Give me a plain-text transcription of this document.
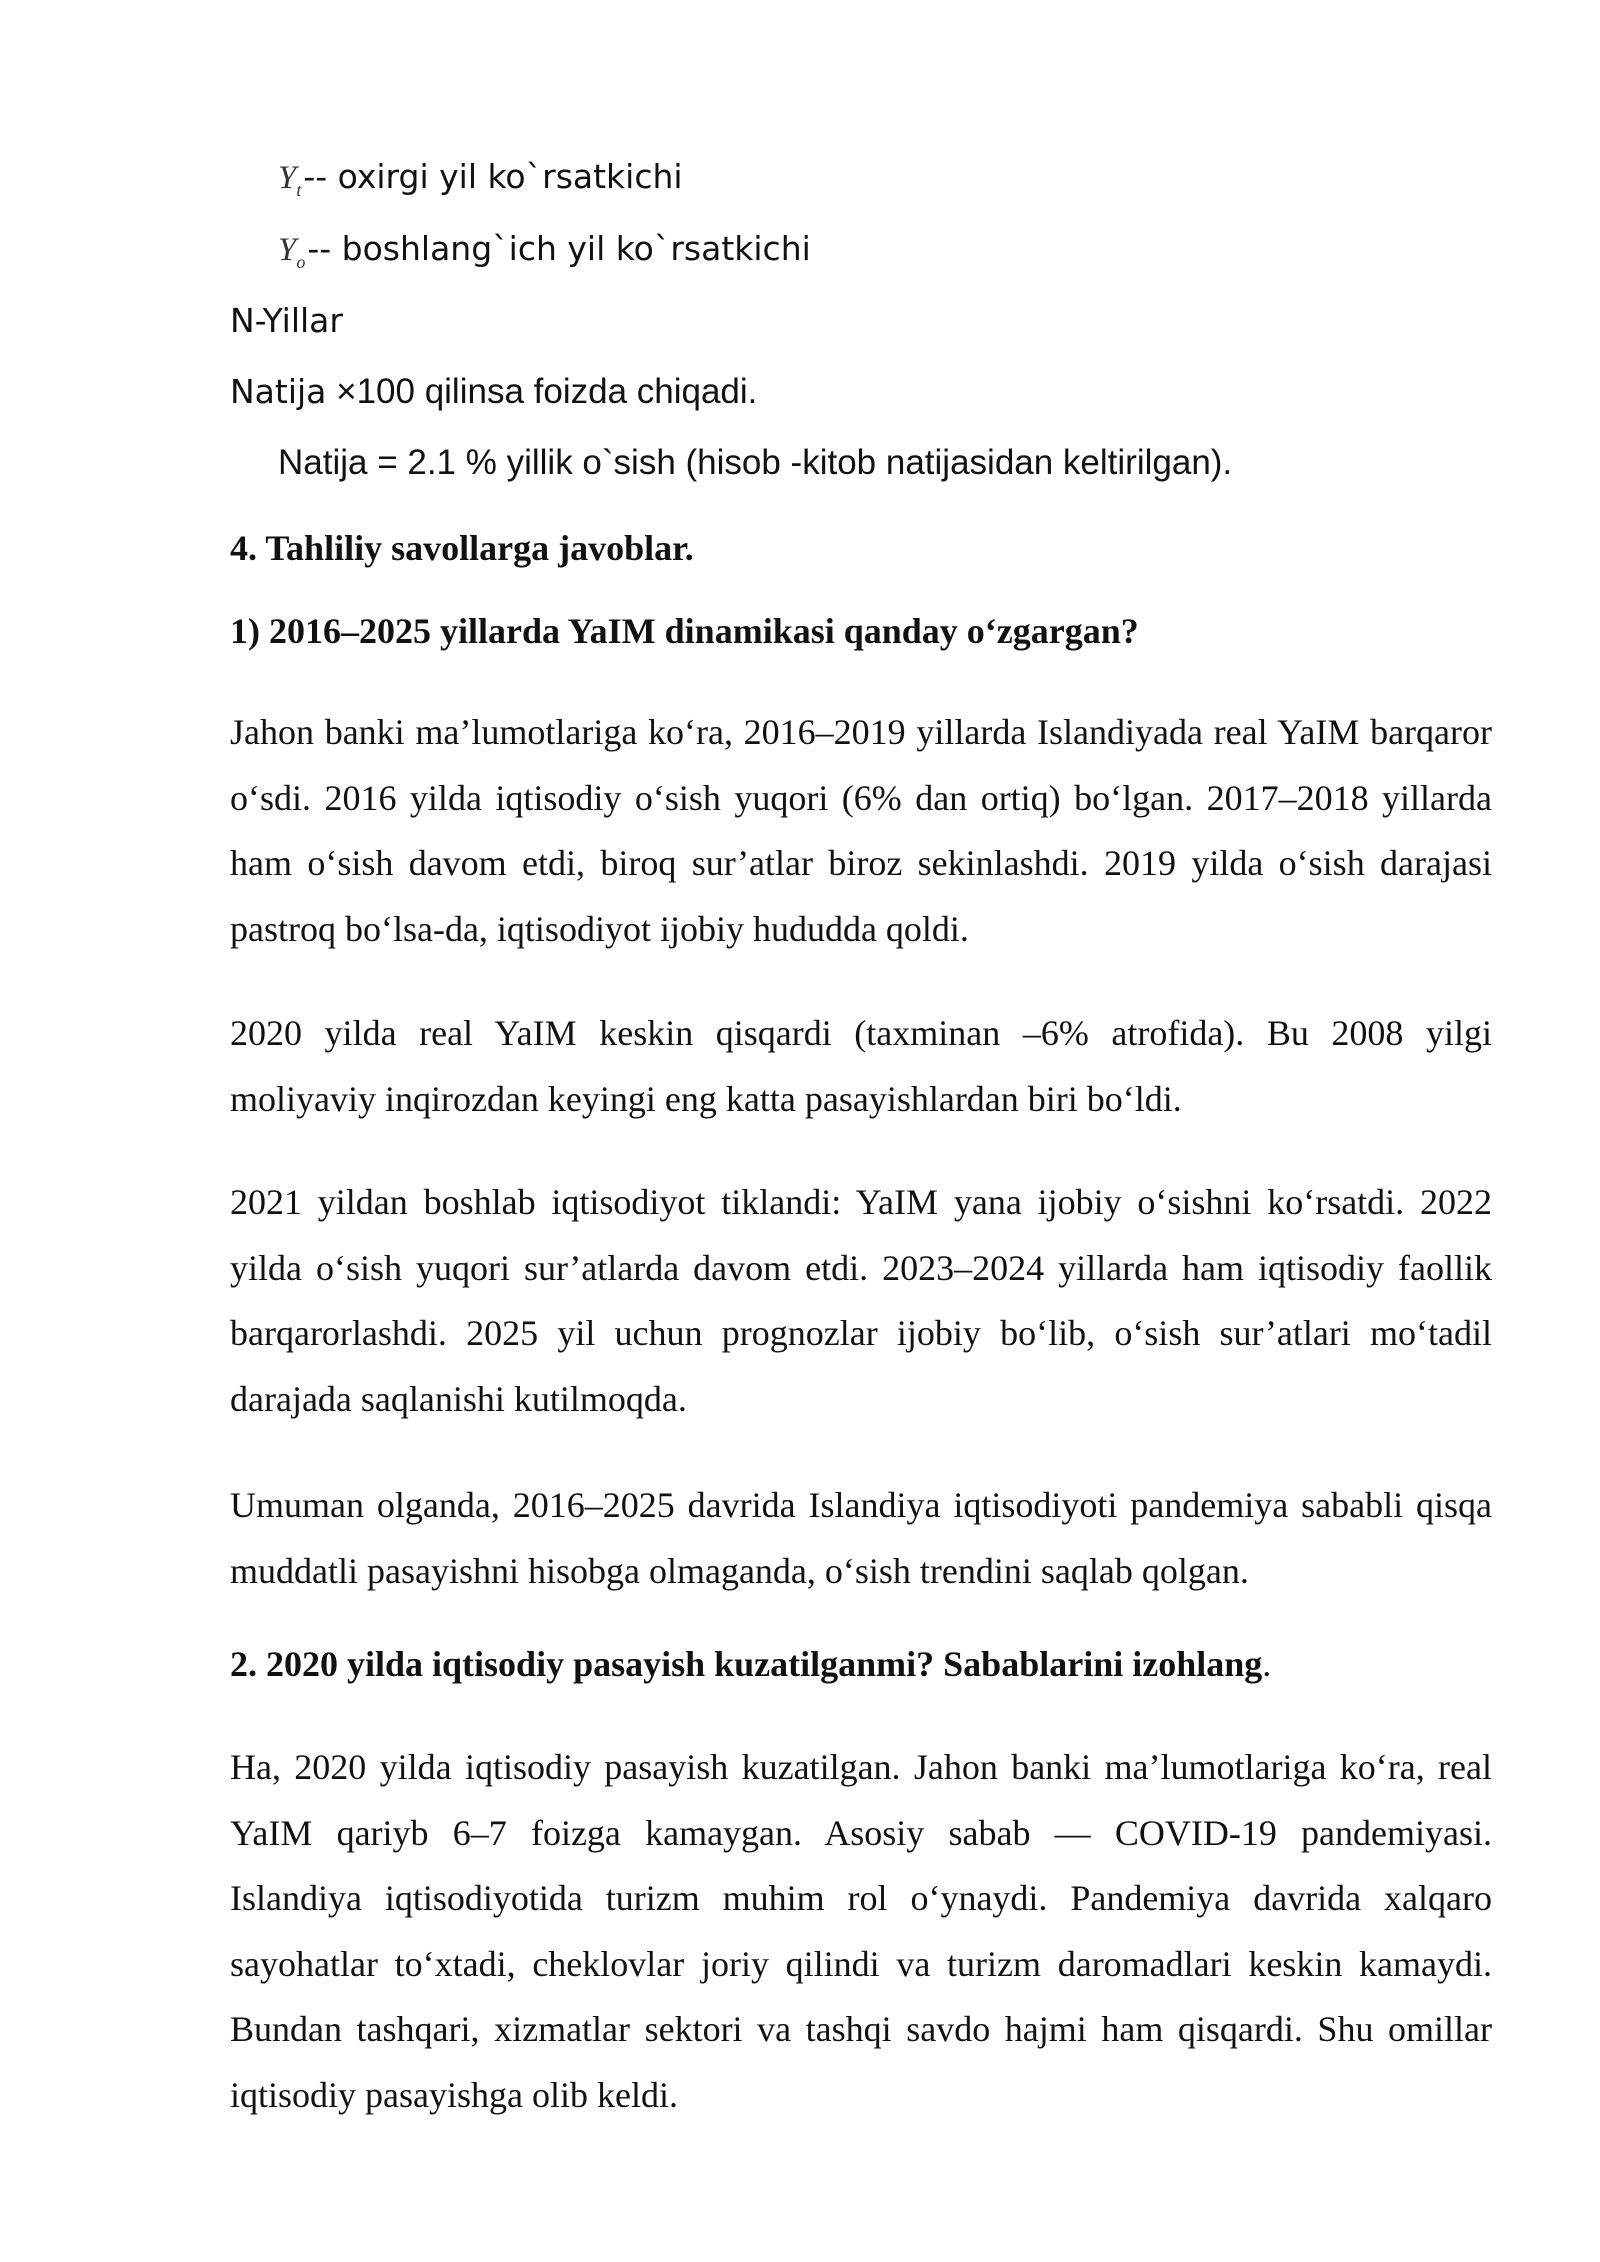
$Y_t--$ oxirgi yil ko`rsatkichi
$Y_o--$ boshlang`ich yil ko`rsatkichi
N-Yillar
Natija ×100 qilinsa foizda chiqadi.
Natija = 2.1 % yillik o`sish (hisob -kitob natijasidan keltirilgan).
4. Tahliliy savollarga javoblar.
1) 2016–2025 yillarda YaIM dinamikasi qanday o‘zgargan?

Jahon banki ma’lumotlariga ko‘ra, 2016–2019 yillarda Islandiyada real YaIM barqaror o‘sdi. 2016 yilda iqtisodiy o‘sish yuqori (6% dan ortiq) bo‘lgan. 2017–2018 yillarda ham o‘sish davom etdi, biroq sur’atlar biroz sekinlashdi. 2019 yilda o‘sish darajasi pastroq bo‘lsa-da, iqtisodiyot ijobiy hududda qoldi.

2020 yilda real YaIM keskin qisqardi (taxminan –6% atrofida). Bu 2008 yilgi moliyaviy inqirozdan keyingi eng katta pasayishlardan biri bo‘ldi.

2021 yildan boshlab iqtisodiyot tiklandi: YaIM yana ijobiy o‘sishni ko‘rsatdi. 2022 yilda o‘sish yuqori sur’atlarda davom etdi. 2023–2024 yillarda ham iqtisodiy faollik barqarorlashdi. 2025 yil uchun prognozlar ijobiy bo‘lib, o‘sish sur’atlari mo‘tadil darajada saqlanishi kutilmoqda.

Umuman olganda, 2016–2025 davrida Islandiya iqtisodiyoti pandemiya sababli qisqa muddatli pasayishni hisobga olmaganda, o‘sish trendini saqlab qolgan.

2. 2020 yilda iqtisodiy pasayish kuzatilganmi? Sabablarini izohlang.

Ha, 2020 yilda iqtisodiy pasayish kuzatilgan. Jahon banki ma’lumotlariga ko‘ra, real YaIM qariyb 6–7 foizga kamaygan. Asosiy sabab — COVID-19 pandemiyasi. Islandiya iqtisodiyotida turizm muhim rol o‘ynaydi. Pandemiya davrida xalqaro sayohatlar to‘xtadi, cheklovlar joriy qilindi va turizm daromadlari keskin kamaydi. Bundan tashqari, xizmatlar sektori va tashqi savdo hajmi ham qisqardi. Shu omillar iqtisodiy pasayishga olib keldi.
